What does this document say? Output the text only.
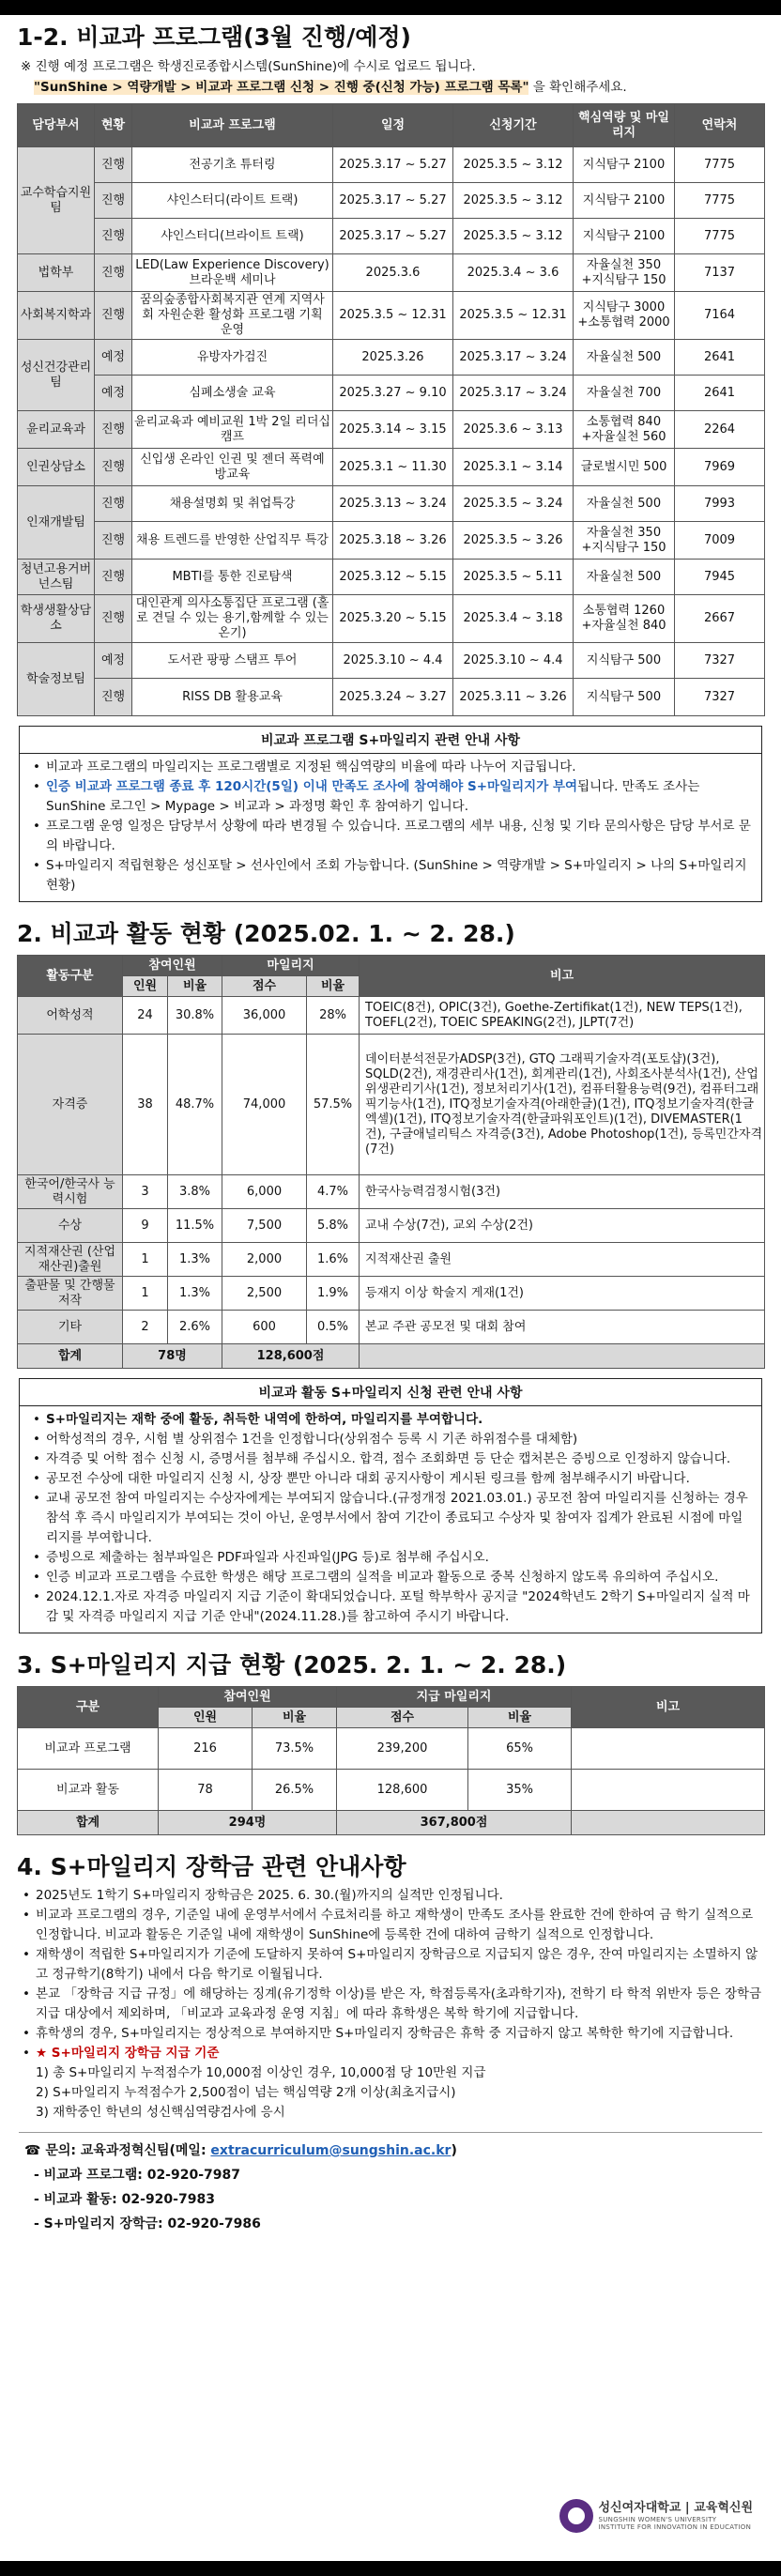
1-2. 비교과 프로그램(3월 진행/예정)
※ 진행 예정 프로그램은 학생진로종합시스템(SunShine)에 수시로 업로드 됩니다.
"SunShine > 역량개발 > 비교과 프로그램 신청 > 진행 중(신청 가능) 프로그램 목록" 을 확인해주세요.
담당부서	현황	비교과 프로그램	일정	신청기간	핵심역량 및 마일리지	연락처
교수학습지원팀	진행	전공기초 튜터링	2025.3.17 ~ 5.27	2025.3.5 ~ 3.12	지식탐구 2100	7775
	진행	샤인스터디(라이트 트랙)	2025.3.17 ~ 5.27	2025.3.5 ~ 3.12	지식탐구 2100	7775
	진행	샤인스터디(브라이트 트랙)	2025.3.17 ~ 5.27	2025.3.5 ~ 3.12	지식탐구 2100	7775
법학부	진행	LED(Law Experience Discovery) 브라운백 세미나	2025.3.6	2025.3.4 ~ 3.6	자율실천 350 +지식탐구 150	7137
사회복지학과	진행	꿈의숲종합사회복지관 연계 지역사회 자원순환 활성화 프로그램 기획 운영	2025.3.5 ~ 12.31	2025.3.5 ~ 12.31	지식탐구 3000 +소통협력 2000	7164
성신건강관리팀	예정	유방자가검진	2025.3.26	2025.3.17 ~ 3.24	자율실천 500	2641
	예정	심폐소생술 교육	2025.3.27 ~ 9.10	2025.3.17 ~ 3.24	자율실천 700	2641
윤리교육과	진행	윤리교육과 예비교원 1박 2일 리더십캠프	2025.3.14 ~ 3.15	2025.3.6 ~ 3.13	소통협력 840 +자율실천 560	2264
인권상담소	진행	신입생 온라인 인권 및 젠더 폭력예방교육	2025.3.1 ~ 11.30	2025.3.1 ~ 3.14	글로벌시민 500	7969
인재개발팀	진행	채용설명회 및 취업특강	2025.3.13 ~ 3.24	2025.3.5 ~ 3.24	자율실천 500	7993
	진행	채용 트렌드를 반영한 산업직무 특강	2025.3.18 ~ 3.26	2025.3.5 ~ 3.26	자율실천 350 +지식탐구 150	7009
청년고용거버넌스팀	진행	MBTI를 통한 진로탐색	2025.3.12 ~ 5.15	2025.3.5 ~ 5.11	자율실천 500	7945
학생생활상담소	진행	대인관계 의사소통집단 프로그램 (홀로 견딜 수 있는 용기,함께할 수 있는 온기)	2025.3.20 ~ 5.15	2025.3.4 ~ 3.18	소통협력 1260 +자율실천 840	2667
학술정보팀	예정	도서관 팡팡 스탬프 투어	2025.3.10 ~ 4.4	2025.3.10 ~ 4.4	지식탐구 500	7327
	진행	RISS DB 활용교육	2025.3.24 ~ 3.27	2025.3.11 ~ 3.26	지식탐구 500	7327
비교과 프로그램 S+마일리지 관련 안내 사항
• 비교과 프로그램의 마일리지는 프로그램별로 지정된 핵심역량의 비율에 따라 나누어 지급됩니다.
• 인증 비교과 프로그램 종료 후 120시간(5일) 이내 만족도 조사에 참여해야 S+마일리지가 부여됩니다. 만족도 조사는 SunShine 로그인 > Mypage > 비교과 > 과정명 확인 후 참여하기 입니다.
• 프로그램 운영 일정은 담당부서 상황에 따라 변경될 수 있습니다. 프로그램의 세부 내용, 신청 및 기타 문의사항은 담당 부서로 문의 바랍니다.
• S+마일리지 적립현황은 성신포탈 > 선사인에서 조회 가능합니다. (SunShine > 역량개발 > S+마일리지 > 나의 S+마일리지 현황)
2. 비교과 활동 현황 (2025.02. 1. ~ 2. 28.)
활동구분	참여인원		마일리지		비고
	인원	비율	점수	비율	
어학성적	24	30.8%	36,000	28%	TOEIC(8건), OPIC(3건), Goethe-Zertifikat(1건), NEW TEPS(1건), TOEFL(2건), TOEIC SPEAKING(2건), JLPT(7건)
자격증	38	48.7%	74,000	57.5%	데이터분석전문가ADSP(3건), GTQ 그래픽기술자격(포토샵)(3건), SQLD(2건), 재경관리사(1건), 회계관리(1건), 사회조사분석사(1건), 산업위생관리기사(1건), 정보처리기사(1건), 컴퓨터활용능력(9건), 컴퓨터그래픽기능사(1건), ITQ정보기술자격(아래한글)(1건), ITQ정보기술자격(한글엑셀)(1건), ITQ정보기술자격(한글파워포인트)(1건), DIVEMASTER(1건), 구글애널리틱스 자격증(3건), Adobe Photoshop(1건), 등록민간자격(7건)
한국어/한국사 능력시험	3	3.8%	6,000	4.7%	한국사능력검정시험(3건)
수상	9	11.5%	7,500	5.8%	교내 수상(7건), 교외 수상(2건)
지적재산권 (산업재산권)출원	1	1.3%	2,000	1.6%	지적재산권 출원
출판물 및 간행물 저작	1	1.3%	2,500	1.9%	등재지 이상 학술지 게재(1건)
기타	2	2.6%	600	0.5%	본교 주관 공모전 및 대회 참여
합계	78명		128,600점		
비교과 활동 S+마일리지 신청 관련 안내 사항
• S+마일리지는 재학 중에 활동, 취득한 내역에 한하여, 마일리지를 부여합니다.
• 어학성적의 경우, 시험 별 상위점수 1건을 인정합니다(상위점수 등록 시 기존 하위점수를 대체함)
• 자격증 및 어학 점수 신청 시, 증명서를 첨부해 주십시오. 합격, 점수 조회화면 등 단순 캡처본은 증빙으로 인정하지 않습니다.
• 공모전 수상에 대한 마일리지 신청 시, 상장 뿐만 아니라 대회 공지사항이 게시된 링크를 함께 첨부해주시기 바랍니다.
• 교내 공모전 참여 마일리지는 수상자에게는 부여되지 않습니다.(규정개정 2021.03.01.) 공모전 참여 마일리지를 신청하는 경우 참석 후 즉시 마일리지가 부여되는 것이 아닌, 운영부서에서 참여 기간이 종료되고 수상자 및 참여자 집계가 완료된 시점에 마일리지를 부여합니다.
• 증빙으로 제출하는 첨부파일은 PDF파일과 사진파일(JPG 등)로 첨부해 주십시오.
• 인증 비교과 프로그램을 수료한 학생은 해당 프로그램의 실적을 비교과 활동으로 중복 신청하지 않도록 유의하여 주십시오.
• 2024.12.1.자로 자격증 마일리지 지급 기준이 확대되었습니다. 포털 학부학사 공지글 "2024학년도 2학기 S+마일리지 실적 마감 및 자격증 마일리지 지급 기준 안내"(2024.11.28.)를 참고하여 주시기 바랍니다.
3. S+마일리지 지급 현황 (2025. 2. 1. ~ 2. 28.)
구분	참여인원		지급 마일리지		비고
	인원	비율	점수	비율	
비교과 프로그램	216	73.5%	239,200	65%	
비교과 활동	78	26.5%	128,600	35%	
합계	294명		367,800점		
4. S+마일리지 장학금 관련 안내사항
• 2025년도 1학기 S+마일리지 장학금은 2025. 6. 30.(월)까지의 실적만 인정됩니다.
• 비교과 프로그램의 경우, 기준일 내에 운영부서에서 수료처리를 하고 재학생이 만족도 조사를 완료한 건에 한하여 금 학기 실적으로 인정합니다. 비교과 활동은 기준일 내에 재학생이 SunShine에 등록한 건에 대하여 금학기 실적으로 인정합니다.
• 재학생이 적립한 S+마일리지가 기준에 도달하지 못하여 S+마일리지 장학금으로 지급되지 않은 경우, 잔여 마일리지는 소멸하지 않고 정규학기(8학기) 내에서 다음 학기로 이월됩니다.
• 본교 「장학금 지급 규정」에 해당하는 징계(유기정학 이상)를 받은 자, 학점등록자(초과학기자), 전학기 타 학적 위반자 등은 장학금 지급 대상에서 제외하며, 「비교과 교육과정 운영 지침」에 따라 휴학생은 복학 학기에 지급합니다.
• 휴학생의 경우, S+마일리지는 정상적으로 부여하지만 S+마일리지 장학금은 휴학 중 지급하지 않고 복학한 학기에 지급합니다.
• ★ S+마일리지 장학금 지급 기준
1) 총 S+마일리지 누적점수가 10,000점 이상인 경우, 10,000점 당 10만원 지급
2) S+마일리지 누적점수가 2,500점이 넘는 핵심역량 2개 이상(최초지급시)
3) 재학중인 학년의 성신핵심역량검사에 응시
☎ 문의: 교육과정혁신팀(메일: extracurriculum@sungshin.ac.kr)
- 비교과 프로그램: 02-920-7987
- 비교과 활동: 02-920-7983
- S+마일리지 장학금: 02-920-7986
성신여자대학교 | 교육혁신원
SUNGSHIN WOMEN'S UNIVERSITY
INSTITUTE FOR INNOVATION IN EDUCATION
